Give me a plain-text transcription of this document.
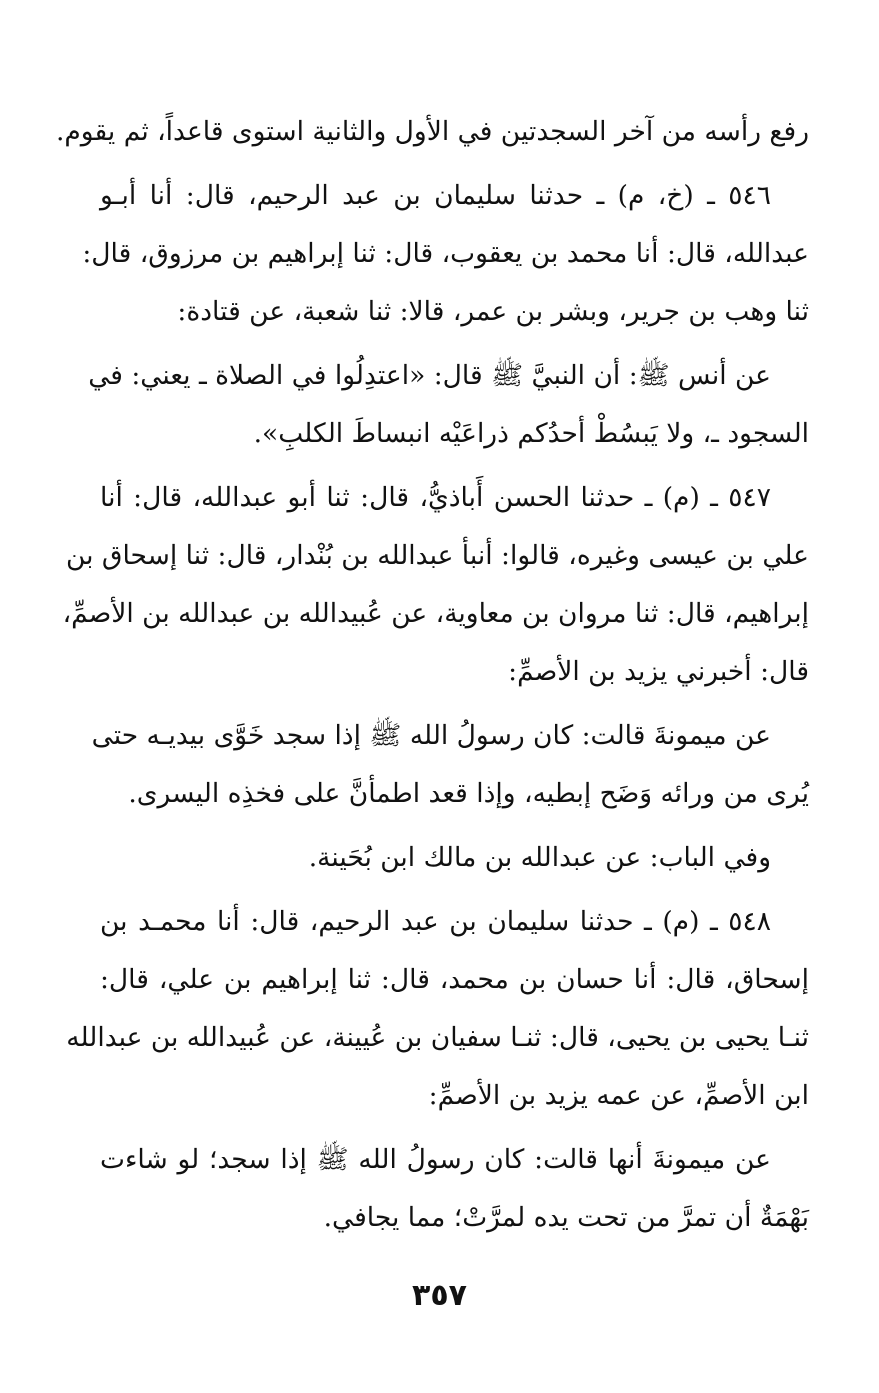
رفع رأسه من آخر السجدتين في الأول والثانية استوى قاعداً، ثم يقوم.

٥٤٦ ـ (خ، م) ـ حدثنا سليمان بن عبد الرحيم، قال: أنا أبـو
عبدالله، قال: أنا محمد بن يعقوب، قال: ثنا إبراهيم بن مرزوق، قال:
ثنا وهب بن جرير، وبشر بن عمر، قالا: ثنا شعبة، عن قتادة:

عن أنس ﷺ: أن النبيَّ ﷺ قال: «اعتدِلُوا في الصلاة ـ يعني: في
السجود ـ، ولا يَبسُطْ أحدُكم ذراعَيْه انبساطَ الكلبِ».

٥٤٧ ـ (م) ـ حدثنا الحسن أَباذيُّ، قال: ثنا أبو عبدالله، قال: أنا
علي بن عيسى وغيره، قالوا: أنبأ عبدالله بن بُنْدار، قال: ثنا إسحاق بن
إبراهيم، قال: ثنا مروان بن معاوية، عن عُبيدالله بن عبدالله بن الأصمِّ،
قال: أخبرني يزيد بن الأصمِّ:

عن ميمونةَ قالت: كان رسولُ الله ﷺ إذا سجد خَوَّى بيديـه حتى
يُرى من ورائه وَضَح إبطيه، وإذا قعد اطمأنَّ على فخذِه اليسرى.

وفي الباب: عن عبدالله بن مالك ابن بُحَينة.

٥٤٨ ـ (م) ـ حدثنا سليمان بن عبد الرحيم، قال: أنا محمـد بن
إسحاق، قال: أنا حسان بن محمد، قال: ثنا إبراهيم بن علي، قال:
ثنـا يحيى بن يحيى، قال: ثنـا سفيان بن عُيينة، عن عُبيدالله بن عبدالله
ابن الأصمِّ، عن عمه يزيد بن الأصمِّ:

عن ميمونةَ أنها قالت: كان رسولُ الله ﷺ إذا سجد؛ لو شاءت
بَهْمَةٌ أن تمرَّ من تحت يده لمرَّتْ؛ مما يجافي.

٣٥٧
